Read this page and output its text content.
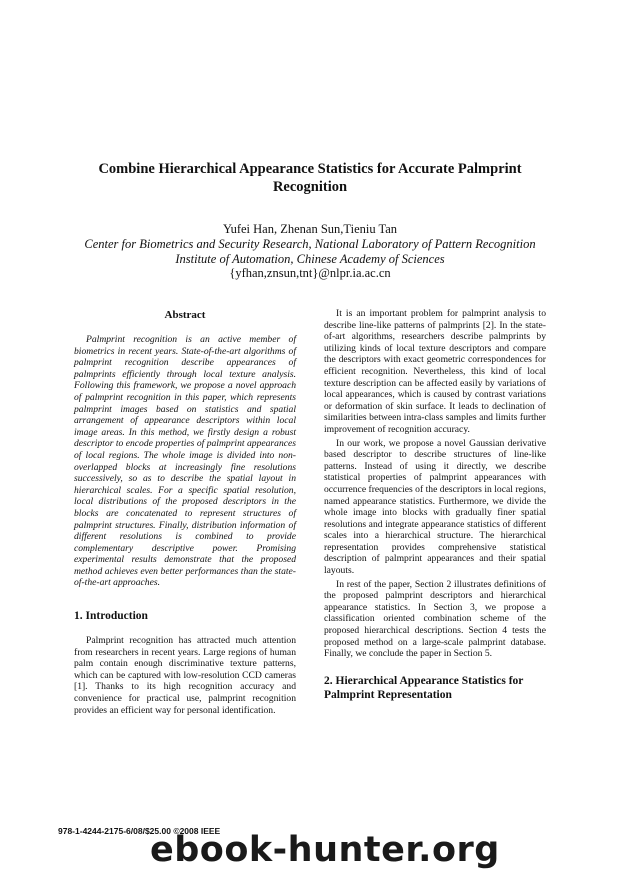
Combine Hierarchical Appearance Statistics for Accurate Palmprint Recognition
Yufei Han, Zhenan Sun,Tieniu Tan
Center for Biometrics and Security Research, National Laboratory of Pattern Recognition
Institute of Automation, Chinese Academy of Sciences
{yfhan,znsun,tnt}@nlpr.ia.ac.cn
Abstract

Palmprint recognition is an active member of biometrics in recent years. State-of-the-art algorithms of palmprint recognition describe appearances of palmprints efficiently through local texture analysis. Following this framework, we propose a novel approach of palmprint recognition in this paper, which represents palmprint images based on statistics and spatial arrangement of appearance descriptors within local image areas. In this method, we firstly design a robust descriptor to encode properties of palmprint appearances of local regions. The whole image is divided into non-overlapped blocks at increasingly fine resolutions successively, so as to describe the spatial layout in hierarchical scales. For a specific spatial resolution, local distributions of the proposed descriptors in the blocks are concatenated to represent structures of palmprint structures. Finally, distribution information of different resolutions is combined to provide complementary descriptive power. Promising experimental results demonstrate that the proposed method achieves even better performances than the state-of-the-art approaches.

1. Introduction

Palmprint recognition has attracted much attention from researchers in recent years. Large regions of human palm contain enough discriminative texture patterns, which can be captured with low-resolution CCD cameras [1]. Thanks to its high recognition accuracy and convenience for practical use, palmprint recognition provides an efficient way for personal identification.

It is an important problem for palmprint analysis to describe line-like patterns of palmprints [2]. In the state-of-art algorithms, researchers describe palmprints by utilizing kinds of local texture descriptors and compare the descriptors with exact geometric correspondences for efficient recognition. Nevertheless, this kind of local texture description can be affected easily by variations of local appearances, which is caused by contrast variations or deformation of skin surface. It leads to declination of similarities between intra-class samples and limits further improvement of recognition accuracy.

In our work, we propose a novel Gaussian derivative based descriptor to describe structures of line-like patterns. Instead of using it directly, we describe statistical properties of palmprint appearances with occurrence frequencies of the descriptors in local regions, named appearance statistics. Furthermore, we divide the whole image into blocks with gradually finer spatial resolutions and integrate appearance statistics of different scales into a hierarchical structure. The hierarchical representation provides comprehensive statistical description of palmprint appearances and their spatial layouts.

In rest of the paper, Section 2 illustrates definitions of the proposed palmprint descriptors and hierarchical appearance statistics. In Section 3, we propose a classification oriented combination scheme of the proposed hierarchical descriptions. Section 4 tests the proposed method on a large-scale palmprint database. Finally, we conclude the paper in Section 5.

2. Hierarchical Appearance Statistics for Palmprint Representation
978-1-4244-2175-6/08/$25.00 ©2008 IEEE
ebook-hunter.org
